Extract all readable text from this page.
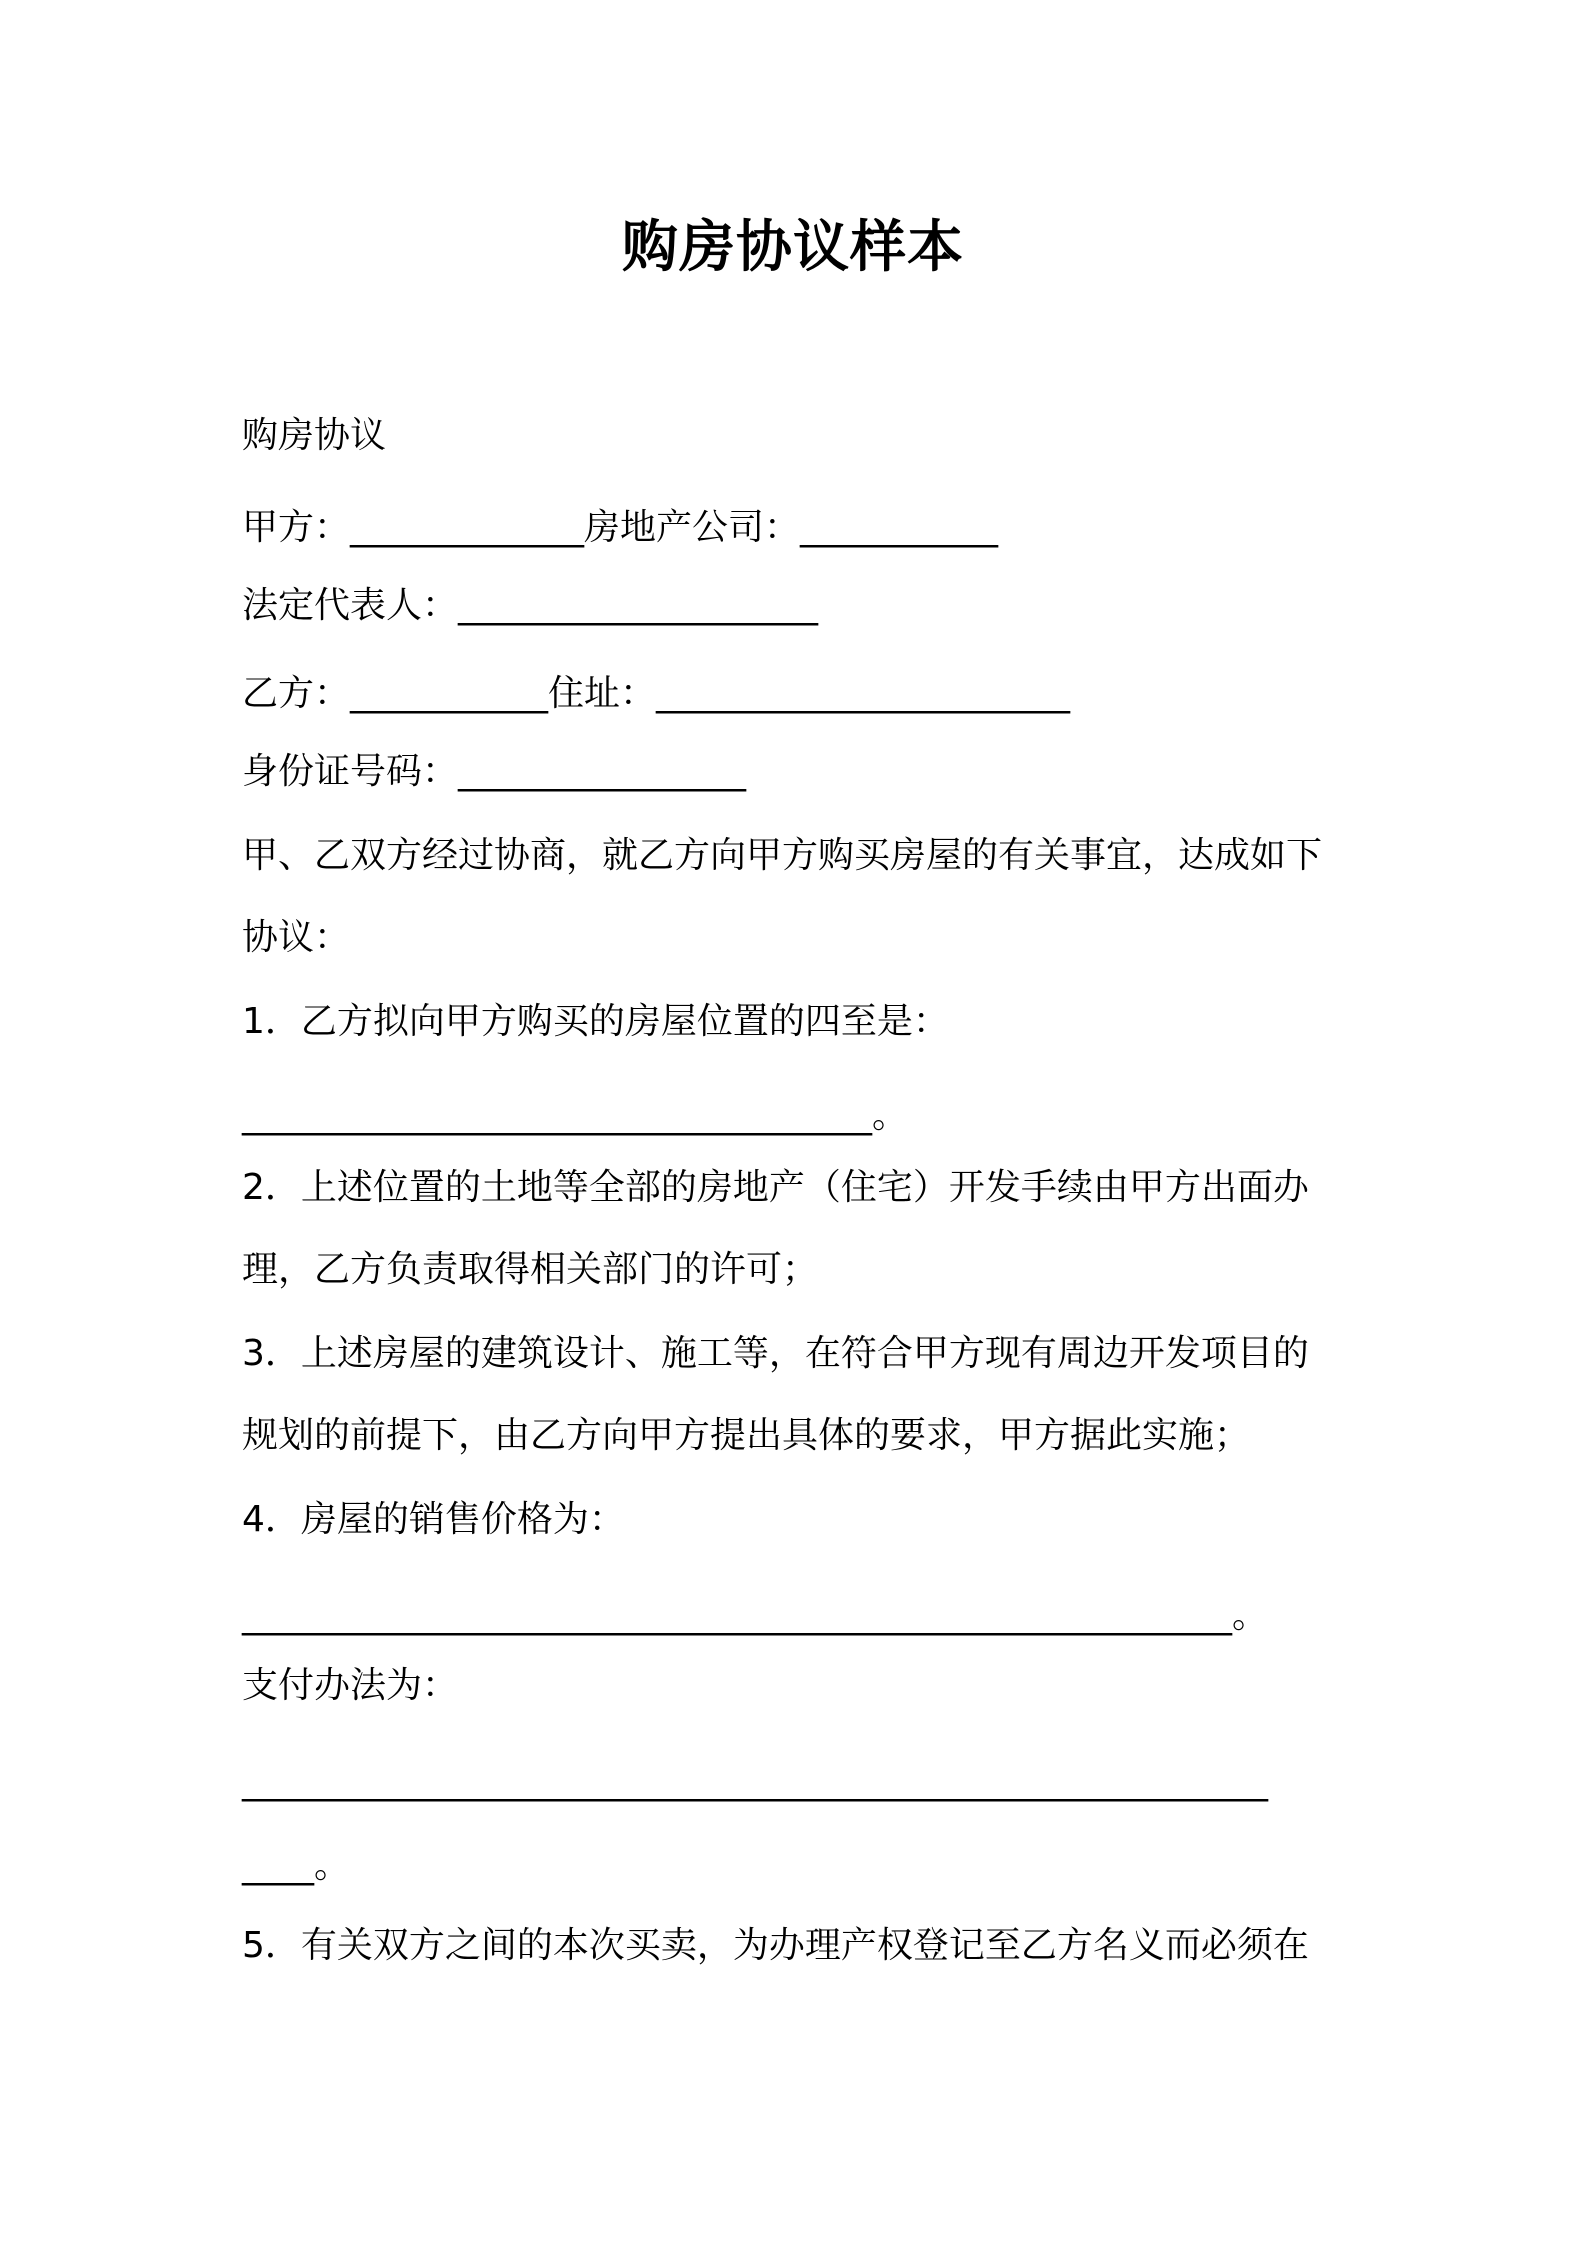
购房协议样本
购房协议
甲方：_____________房地产公司：___________
法定代表人：____________________
乙方：___________住址：_______________________
身份证号码：________________
甲、乙双方经过协商，就乙方向甲方购买房屋的有关事宜，达成如下
协议：
1．乙方拟向甲方购买的房屋位置的四至是：
___________________________________。
2．上述位置的土地等全部的房地产（住宅）开发手续由甲方出面办
理，乙方负责取得相关部门的许可；
3．上述房屋的建筑设计、施工等，在符合甲方现有周边开发项目的
规划的前提下，由乙方向甲方提出具体的要求，甲方据此实施；
4．房屋的销售价格为：
_______________________________________________________。
支付办法为：
_________________________________________________________
____。
5．有关双方之间的本次买卖，为办理产权登记至乙方名义而必须在
